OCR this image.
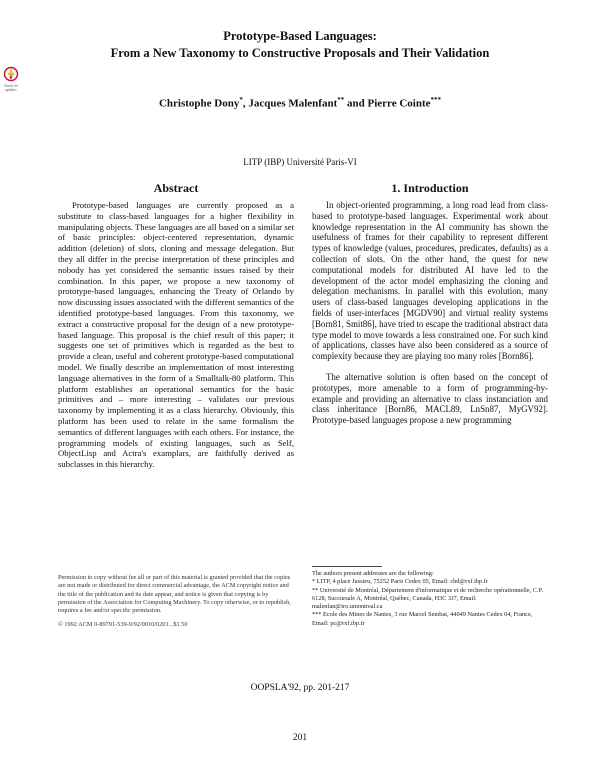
Prototype-Based Languages:
From a New Taxonomy to Constructive Proposals and Their Validation
Check for updates
Christophe Dony*, Jacques Malenfant** and Pierre Cointe***
LITP (IBP) Université Paris-VI
Abstract

Prototype-based languages are currently proposed as a substitute to class-based languages for a higher flexibility in manipulating objects. These languages are all based on a similar set of basic principles: object-centered representation, dynamic addition (deletion) of slots, cloning and message delegation. But they all differ in the precise interpretation of these principles and nobody has yet considered the semantic issues raised by their combination. In this paper, we propose a new taxonomy of prototype-based languages, enhancing the Treaty of Orlando by now discussing issues associated with the different semantics of the identified prototype-based languages. From this taxonomy, we extract a constructive proposal for the design of a new prototype-based language. This proposal is the chief result of this paper; it suggests one set of primitives which is regarded as the best to provide a clean, useful and coherent prototype-based computational model. We finally describe an implementation of most interesting language alternatives in the form of a Smalltalk-80 platform. This platform establishes an operational semantics for the basic primitives and – more interesting – validates our previous taxonomy by implementing it as a class hierarchy. Obviously, this platform has been used to relate in the same formalism the semantics of different languages with each others. For instance, the programming models of existing languages, such as Self, ObjectLisp and Actra's examplars, are faithfully derived as subclasses in this hierarchy.

Permission to copy without fee all or part of this material is granted provided that the copies are not made or distributed for direct commercial advantage, the ACM copyright notice and the title of the publication and its date appear, and notice is given that copying is by permission of the Association for Computing Machinery. To copy otherwise, or to republish, requires a fee and/or specific permission.

© 1992 ACM 0-89791-539-9/92/0010/0201...$1.50

1. Introduction

In object-oriented programming, a long road lead from class-based to prototype-based languages. Experimental work about knowledge representation in the AI community has shown the usefulness of frames for their capability to represent different types of knowledge (values, procedures, predicates, defaults) as a collection of slots. On the other hand, the quest for new computational models for distributed AI have led to the development of the actor model emphasizing the cloning and delegation mechanisms. In parallel with this evolution, many users of class-based languages developing applications in the fields of user-interfaces [MGDV90] and virtual reality systems [Born81, Smit86], have tried to escape the traditional abstract data type model to move towards a less constrained one. For such kind of applications, classes have also been considered as a source of complexity because they are playing too many roles [Born86].

The alternative solution is often based on the concept of prototypes, more amenable to a form of programming-by-example and providing an alternative to class instanciation and class inheritance [Born86, MACL89, LnSn87, MyGV92]. Prototype-based languages propose a new programming

The authors present addresses are the following:

* LITP, 4 place Jussieu, 75252 Paris Cedex 05, Email: chd@rxf.ibp.fr

** Université de Montréal, Département d'informatique et de recherche opérationnelle, C.P. 6128, Succursale A, Montréal, Québec, Canada, H3C 3J7, Email: malenfan@iro.umontreal.ca

*** Ecole des Mines de Nantes, 3 rue Marcel Sembat, 44049 Nantes Cedex 04, France, Email: pc@rxf.ibp.fr

OOPSLA'92, pp. 201-217
201
